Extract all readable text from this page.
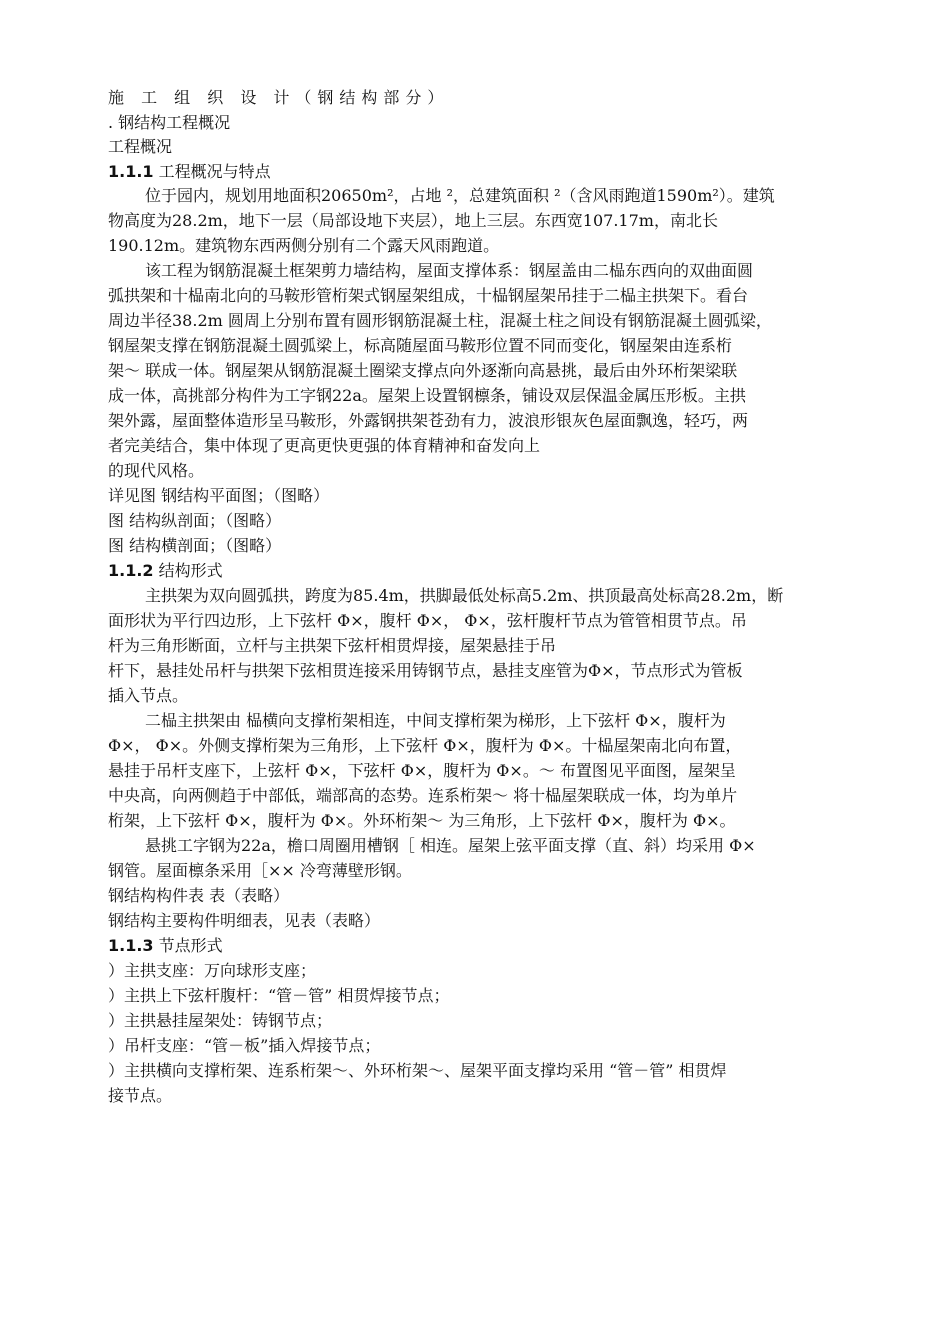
施 工 组 织 设 计（钢结构部分）
. 钢结构工程概况
工程概况
1.1.1 工程概况与特点
位于园内，规划用地面积20650m²，占地 ²，总建筑面积 ²（含风雨跑道1590m²）。建筑
物高度为28.2m，地下一层（局部设地下夹层），地上三层。东西宽107.17m，南北长
190.12m。建筑物东西两侧分别有二个露天风雨跑道。
该工程为钢筋混凝土框架剪力墙结构，屋面支撑体系：钢屋盖由二榀东西向的双曲面圆
弧拱架和十榀南北向的马鞍形管桁架式钢屋架组成，十榀钢屋架吊挂于二榀主拱架下。看台
周边半径38.2m 圆周上分别布置有圆形钢筋混凝土柱，混凝土柱之间设有钢筋混凝土圆弧梁，
钢屋架支撑在钢筋混凝土圆弧梁上，标高随屋面马鞍形位置不同而变化，钢屋架由连系桁
架～ 联成一体。钢屋架从钢筋混凝土圈梁支撑点向外逐渐向高悬挑，最后由外环桁架梁联
成一体，高挑部分构件为工字钢22a。屋架上设置钢檩条，铺设双层保温金属压形板。主拱
架外露，屋面整体造形呈马鞍形，外露钢拱架苍劲有力，波浪形银灰色屋面飘逸，轻巧，两
者完美结合，集中体现了更高更快更强的体育精神和奋发向上
的现代风格。
详见图 钢结构平面图；（图略）
图 结构纵剖面；（图略）
图 结构横剖面；（图略）
1.1.2 结构形式
主拱架为双向圆弧拱，跨度为85.4m，拱脚最低处标高5.2m、拱顶最高处标高28.2m，断
面形状为平行四边形，上下弦杆 Φ×，腹杆 Φ×， Φ×，弦杆腹杆节点为管管相贯节点。吊
杆为三角形断面，立杆与主拱架下弦杆相贯焊接，屋架悬挂于吊
杆下，悬挂处吊杆与拱架下弦相贯连接采用铸钢节点，悬挂支座管为Φ×，节点形式为管板
插入节点。
二榀主拱架由 榀横向支撑桁架相连，中间支撑桁架为梯形，上下弦杆 Φ×，腹杆为
Φ×， Φ×。外侧支撑桁架为三角形，上下弦杆 Φ×，腹杆为 Φ×。十榀屋架南北向布置，
悬挂于吊杆支座下，上弦杆 Φ×，下弦杆 Φ×，腹杆为 Φ×。～ 布置图见平面图，屋架呈
中央高，向两侧趋于中部低，端部高的态势。连系桁架～ 将十榀屋架联成一体，均为单片
桁架，上下弦杆 Φ×，腹杆为 Φ×。外环桁架～ 为三角形，上下弦杆 Φ×，腹杆为 Φ×。
悬挑工字钢为22a，檐口周圈用槽钢［ 相连。屋架上弦平面支撑（直、斜）均采用 Φ×
钢管。屋面檩条采用［×× 冷弯薄壁形钢。
钢结构构件表 表（表略）
钢结构主要构件明细表，见表（表略）
1.1.3 节点形式
）主拱支座：万向球形支座；
）主拱上下弦杆腹杆：“管－管” 相贯焊接节点；
）主拱悬挂屋架处：铸钢节点；
）吊杆支座：“管－板”插入焊接节点；
）主拱横向支撑桁架、连系桁架～、外环桁架～、屋架平面支撑均采用 “管－管” 相贯焊
接节点。
